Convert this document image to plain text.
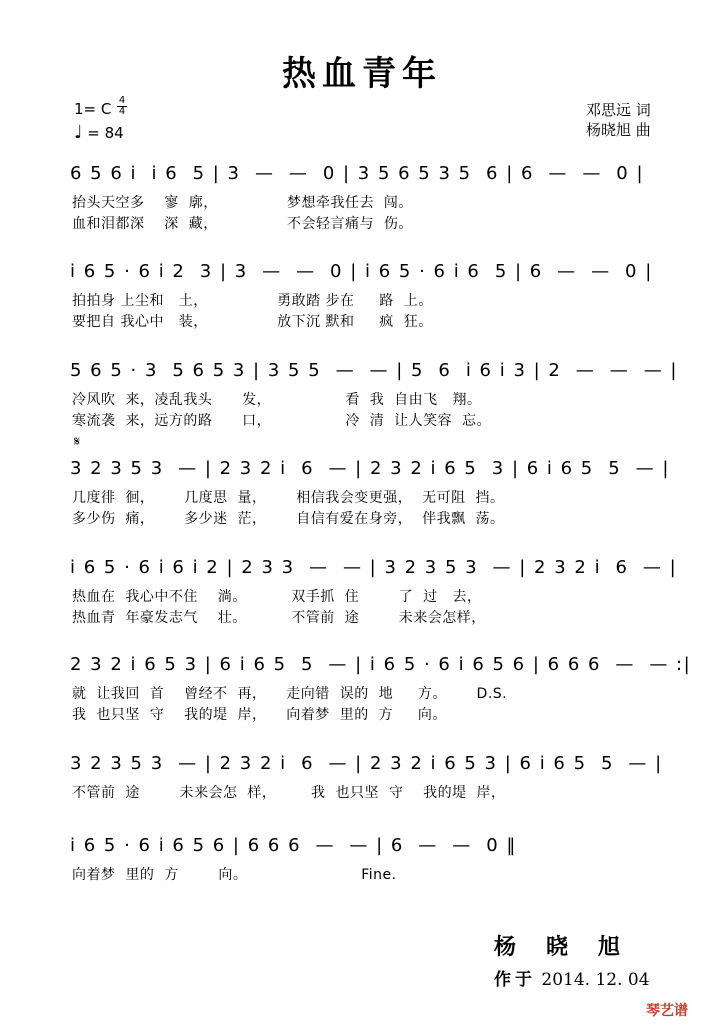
热血青年
1= C 4
4
♩ = 84
邓思远 词
杨晓旭 曲
6 5 6 i  i 6  5 | 3  —  —  0 | 3 5 6 5 3 5  6 | 6  —  —  0 |
抬头天空多    寥  廓，              梦想牵我任去  闯。
血和泪都深    深  藏，              不会轻言痛与  伤。
i 6 5 · 6 i 2  3 | 3  —  —  0 | i 6 5 · 6 i 6  5 | 6  —  —  0 |
拍拍身 上尘和   土，              勇敢踏 步在     路  上。
要把自 我心中   装，              放下沉 默和     疯  狂。
5 6 5 · 3  5 6 5 3 | 3 5 5  —  — | 5  6  i 6 i 3 | 2  —  —  — |
冷风吹  来，凌乱我头      发，               看  我  自由飞   翔。
寒流袭  来，远方的路      口，               冷  清  让人笑容  忘。
𝄋
3 2 3 5 3  — | 2 3 2 i  6  — | 2 3 2 i 6 5  3 | 6 i 6 5  5  — |
几度徘  徊，      几度思  量，      相信我会变更强，  无可阻  挡。
多少伤  痛，      多少迷  茫，      自信有爱在身旁，  伴我飘  荡。
i 6 5 · 6 i 6 i 2 | 2 3 3  —  — | 3 2 3 5 3  — | 2 3 2 i  6  — |
热血在  我心中不住    淌。         双手抓  住        了  过   去，
热血青  年豪发志气    壮。         不管前  途        未来会怎样，
2 3 2 i 6 5 3 | 6 i 6 5  5  — | i 6 5 · 6 i 6 5 6 | 6 6 6  —  — :|
就  让我回  首    曾经不  再，    走向错  误的  地     方。      D.S.
我  也只坚  守    我的堤  岸，    向着梦  里的  方     向。
3 2 3 5 3  — | 2 3 2 i  6  — | 2 3 2 i 6 5 3 | 6 i 6 5  5  — |
不管前  途        未来会怎  样，       我  也只坚  守    我的堤  岸，
i 6 5 · 6 i 6 5 6 | 6 6 6  —  — | 6  —  —  0 ‖
向着梦  里的  方        向。                       Fine.
杨晓旭
作于 2014. 12. 04
琴艺谱
